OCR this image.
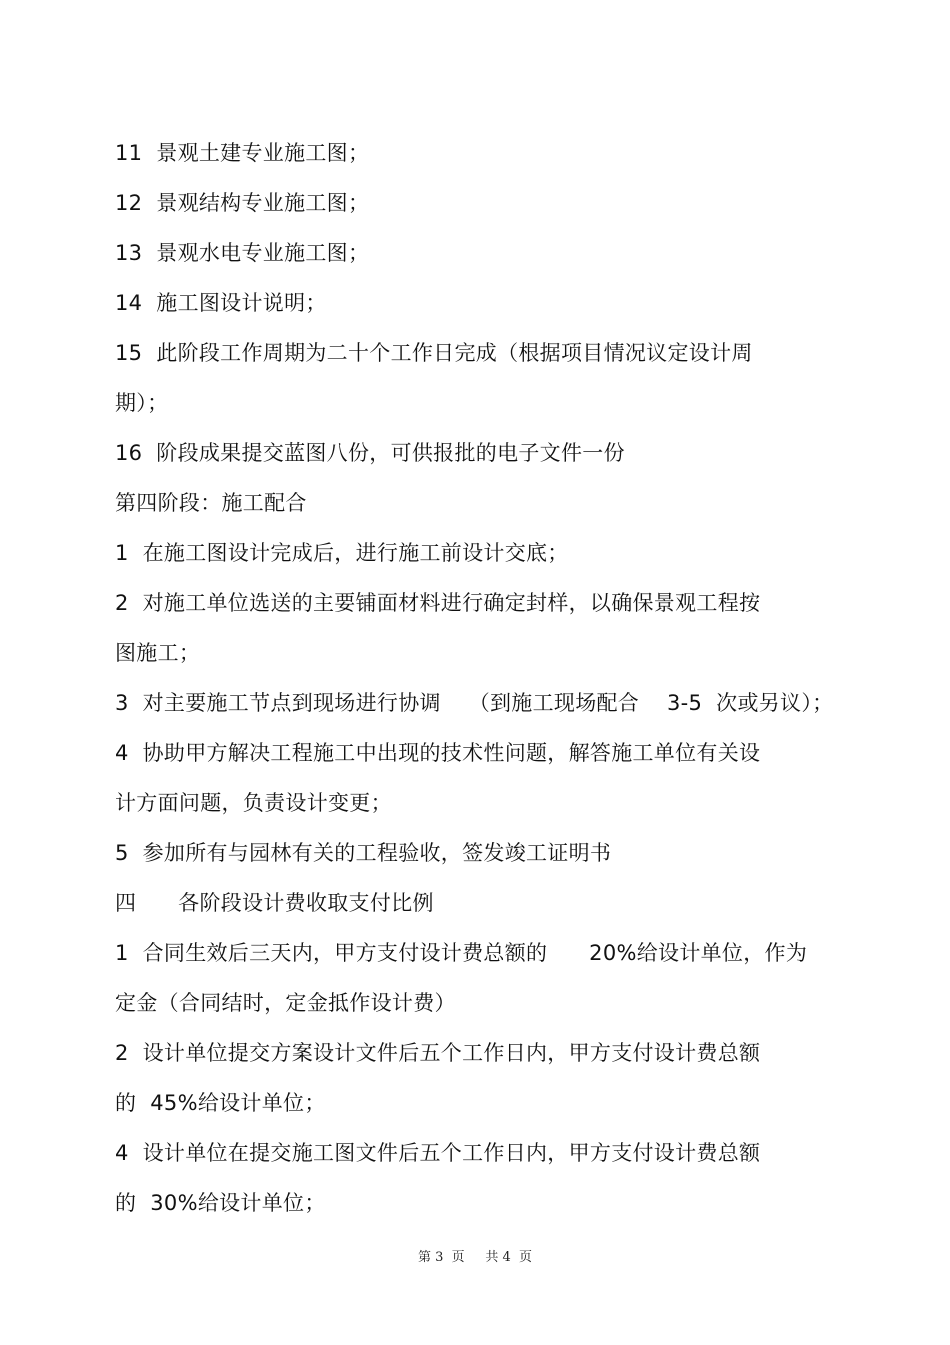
11  景观土建专业施工图；
12  景观结构专业施工图；
13  景观水电专业施工图；
14  施工图设计说明；
15  此阶段工作周期为二十个工作日完成（根据项目情况议定设计周
期）；
16  阶段成果提交蓝图八份，可供报批的电子文件一份
第四阶段：施工配合
1  在施工图设计完成后，进行施工前设计交底；
2  对施工单位选送的主要铺面材料进行确定封样，以确保景观工程按
图施工；
3  对主要施工节点到现场进行协调    （到施工现场配合    3-5  次或另议）；
4  协助甲方解决工程施工中出现的技术性问题，解答施工单位有关设
计方面问题，负责设计变更；
5  参加所有与园林有关的工程验收，签发竣工证明书
四      各阶段设计费收取支付比例
1  合同生效后三天内，甲方支付设计费总额的      20%给设计单位，作为
定金（合同结时，定金抵作设计费）
2  设计单位提交方案设计文件后五个工作日内，甲方支付设计费总额
的  45%给设计单位；
4  设计单位在提交施工图文件后五个工作日内，甲方支付设计费总额
的  30%给设计单位；
第 3  页     共 4  页
